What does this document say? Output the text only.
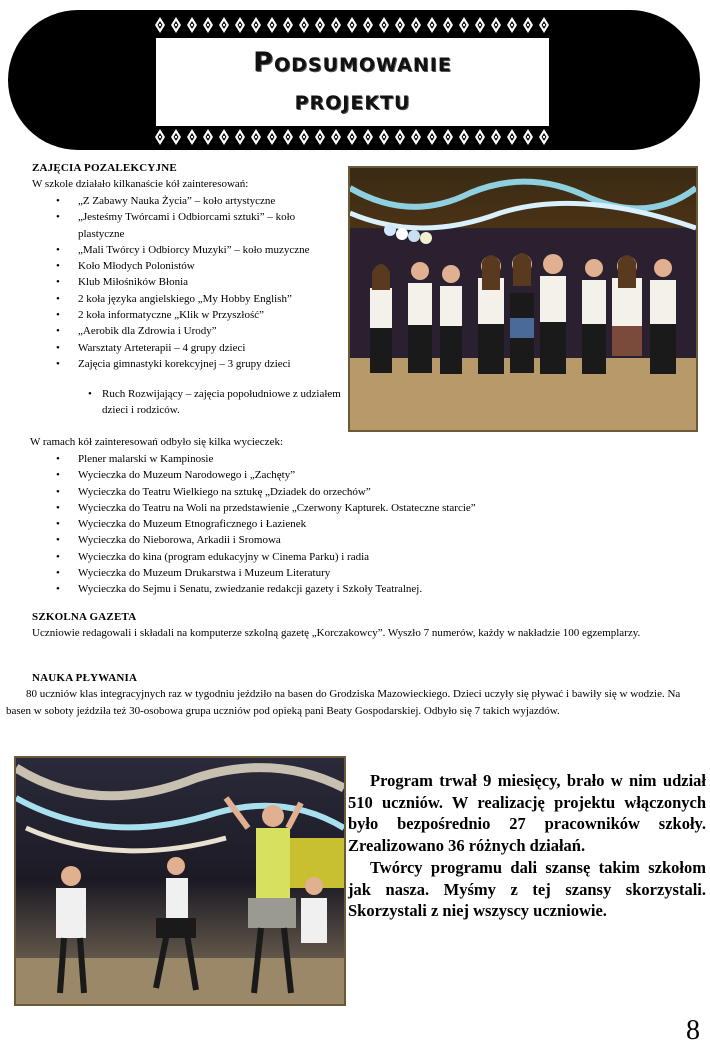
Podsumowanie
projektu
ZAJĘCIA POZALEKCYJNE
W szkole działało kilkanaście kół zainteresowań:
• „Z Zabawy Nauka Życia” – koło artystyczne
• „Jesteśmy Twórcami i Odbiorcami sztuki” – koło plastyczne
• „Mali Twórcy i Odbiorcy Muzyki” – koło muzyczne
• Koło Młodych Polonistów
• Klub Miłośników Błonia
• 2 koła języka angielskiego „My Hobby English”
• 2 koła informatyczne „Klik w Przyszłość”
• „Aerobik dla Zdrowia i Urody”
• Warsztaty Arteterapii – 4 grupy dzieci
• Zajęcia gimnastyki korekcyjnej – 3 grupy dzieci
• Ruch Rozwijający – zajęcia popołudniowe z udziałem dzieci i rodziców.
W ramach kół zainteresowań odbyło się kilka wycieczek:
• Plener malarski w Kampinosie
• Wycieczka do Muzeum Narodowego i „Zachęty”
• Wycieczka do Teatru Wielkiego na sztukę „Dziadek do orzechów”
• Wycieczka do Teatru na Woli na przedstawienie „Czerwony Kapturek. Ostateczne starcie”
• Wycieczka do Muzeum Etnograficznego i Łazienek
• Wycieczka do Nieborowa, Arkadii i Sromowa
• Wycieczka do kina (program edukacyjny w Cinema Parku) i radia
• Wycieczka do Muzeum Drukarstwa i Muzeum Literatury
• Wycieczka do Sejmu i Senatu, zwiedzanie redakcji gazety i Szkoły Teatralnej.
SZKOLNA GAZETA
Uczniowie redagowali i składali na komputerze szkolną gazetę „Korczakowcy”. Wyszło 7 numerów, każdy w nakładzie 100 egzemplarzy.
NAUKA PŁYWANIA
80 uczniów klas integracyjnych raz w tygodniu jeździło na basen do Grodziska Mazowieckiego. Dzieci uczyły się pływać i bawiły się w wodzie. Na basen w soboty jeździła też 30-osobowa grupa uczniów pod opieką pani Beaty Gospodarskiej. Odbyło się 7 takich wyjazdów.

Program trwał 9 miesięcy, brało w nim udział 510 uczniów. W realizację projektu włączonych było bezpośrednio 27 pracowników szkoły. Zrealizowano 36 różnych działań.

Twórcy programu dali szansę takim szkołom jak nasza. Myśmy z tej szansy skorzystali. Skorzystali z niej wszyscy uczniowie.

8
